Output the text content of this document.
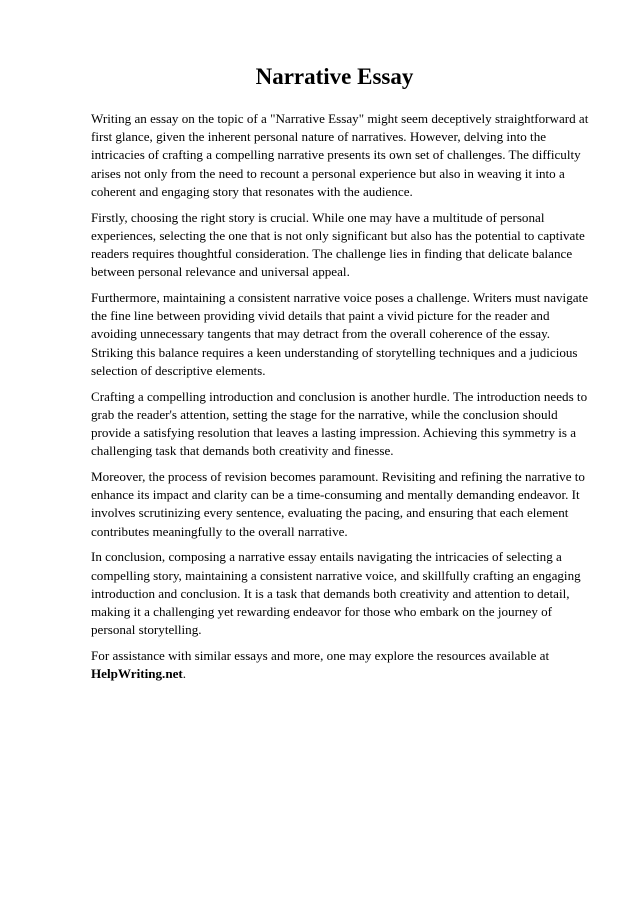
Narrative Essay

Writing an essay on the topic of a "Narrative Essay" might seem deceptively straightforward at first glance, given the inherent personal nature of narratives. However, delving into the intricacies of crafting a compelling narrative presents its own set of challenges. The difficulty arises not only from the need to recount a personal experience but also in weaving it into a coherent and engaging story that resonates with the audience.

Firstly, choosing the right story is crucial. While one may have a multitude of personal experiences, selecting the one that is not only significant but also has the potential to captivate readers requires thoughtful consideration. The challenge lies in finding that delicate balance between personal relevance and universal appeal.

Furthermore, maintaining a consistent narrative voice poses a challenge. Writers must navigate the fine line between providing vivid details that paint a vivid picture for the reader and avoiding unnecessary tangents that may detract from the overall coherence of the essay. Striking this balance requires a keen understanding of storytelling techniques and a judicious selection of descriptive elements.

Crafting a compelling introduction and conclusion is another hurdle. The introduction needs to grab the reader's attention, setting the stage for the narrative, while the conclusion should provide a satisfying resolution that leaves a lasting impression. Achieving this symmetry is a challenging task that demands both creativity and finesse.

Moreover, the process of revision becomes paramount. Revisiting and refining the narrative to enhance its impact and clarity can be a time-consuming and mentally demanding endeavor. It involves scrutinizing every sentence, evaluating the pacing, and ensuring that each element contributes meaningfully to the overall narrative.

In conclusion, composing a narrative essay entails navigating the intricacies of selecting a compelling story, maintaining a consistent narrative voice, and skillfully crafting an engaging introduction and conclusion. It is a task that demands both creativity and attention to detail, making it a challenging yet rewarding endeavor for those who embark on the journey of personal storytelling.

For assistance with similar essays and more, one may explore the resources available at HelpWriting.net.
